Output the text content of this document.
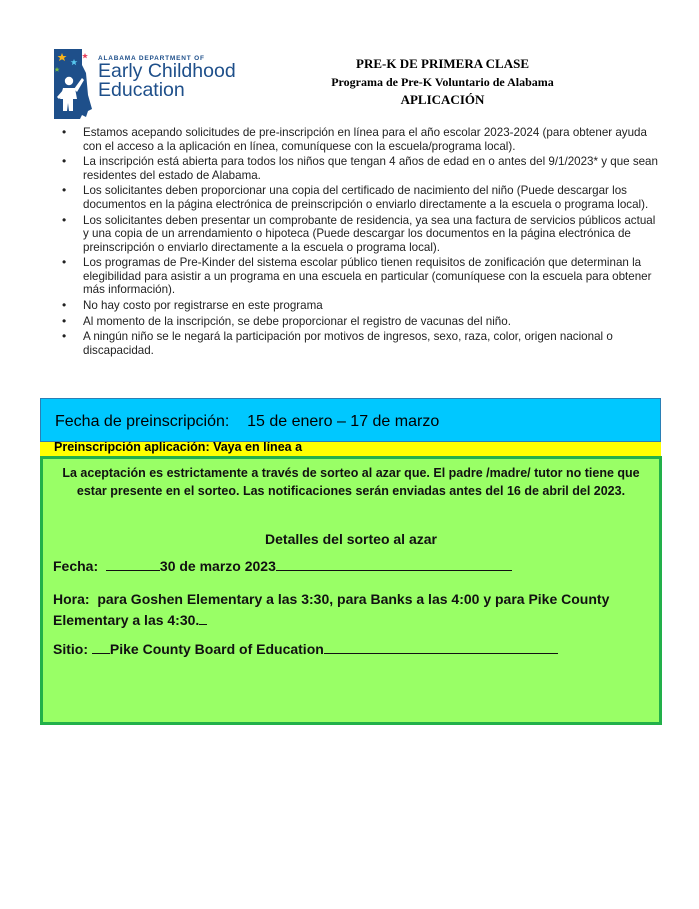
ALABAMA DEPARTMENT OF
Early Childhood
Education
PRE-K DE PRIMERA CLASE
Programa de Pre-K Voluntario de Alabama
APLICACIÓN
• Estamos acepando solicitudes de pre-inscripción en línea para el año escolar 2023-2024 (para obtener ayuda con el acceso a la aplicación en línea, comuníquese con la escuela/programa local).
• La inscripción está abierta para todos los niños que tengan 4 años de edad en o antes del 9/1/2023* y que sean residentes del estado de Alabama.
• Los solicitantes deben proporcionar una copia del certificado de nacimiento del niño (Puede descargar los documentos en la página electrónica de preinscripción o enviarlo directamente a la escuela o programa local).
• Los solicitantes deben presentar un comprobante de residencia, ya sea una factura de servicios públicos actual y una copia de un arrendamiento o hipoteca (Puede descargar los documentos en la página electrónica de preinscripción o enviarlo directamente a la escuela o programa local).
• Los programas de Pre-Kinder del sistema escolar público tienen requisitos de zonificación que determinan la elegibilidad para asistir a un programa en una escuela en particular (comuníquese con la escuela para obtener más información).
• No hay costo por registrarse en este programa
• Al momento de la inscripción, se debe proporcionar el registro de vacunas del niño.
• A ningún niño se le negará la participación por motivos de ingresos, sexo, raza, color, origen nacional o discapacidad.
Fecha de preinscripción: 15 de enero – 17 de marzo
Preinscripción aplicación: Vaya en línea a
La aceptación es estrictamente a través de sorteo al azar que. El padre /madre/ tutor no tiene que estar presente en el sorteo. Las notificaciones serán enviadas antes del 16 de abril del 2023.
Detalles del sorteo al azar
Fecha:	30 de marzo 2023
Hora: para Goshen Elementary a las 3:30, para Banks a las 4:00 y para Pike County Elementary a las 4:30.
Sitio: Pike County Board of Education
